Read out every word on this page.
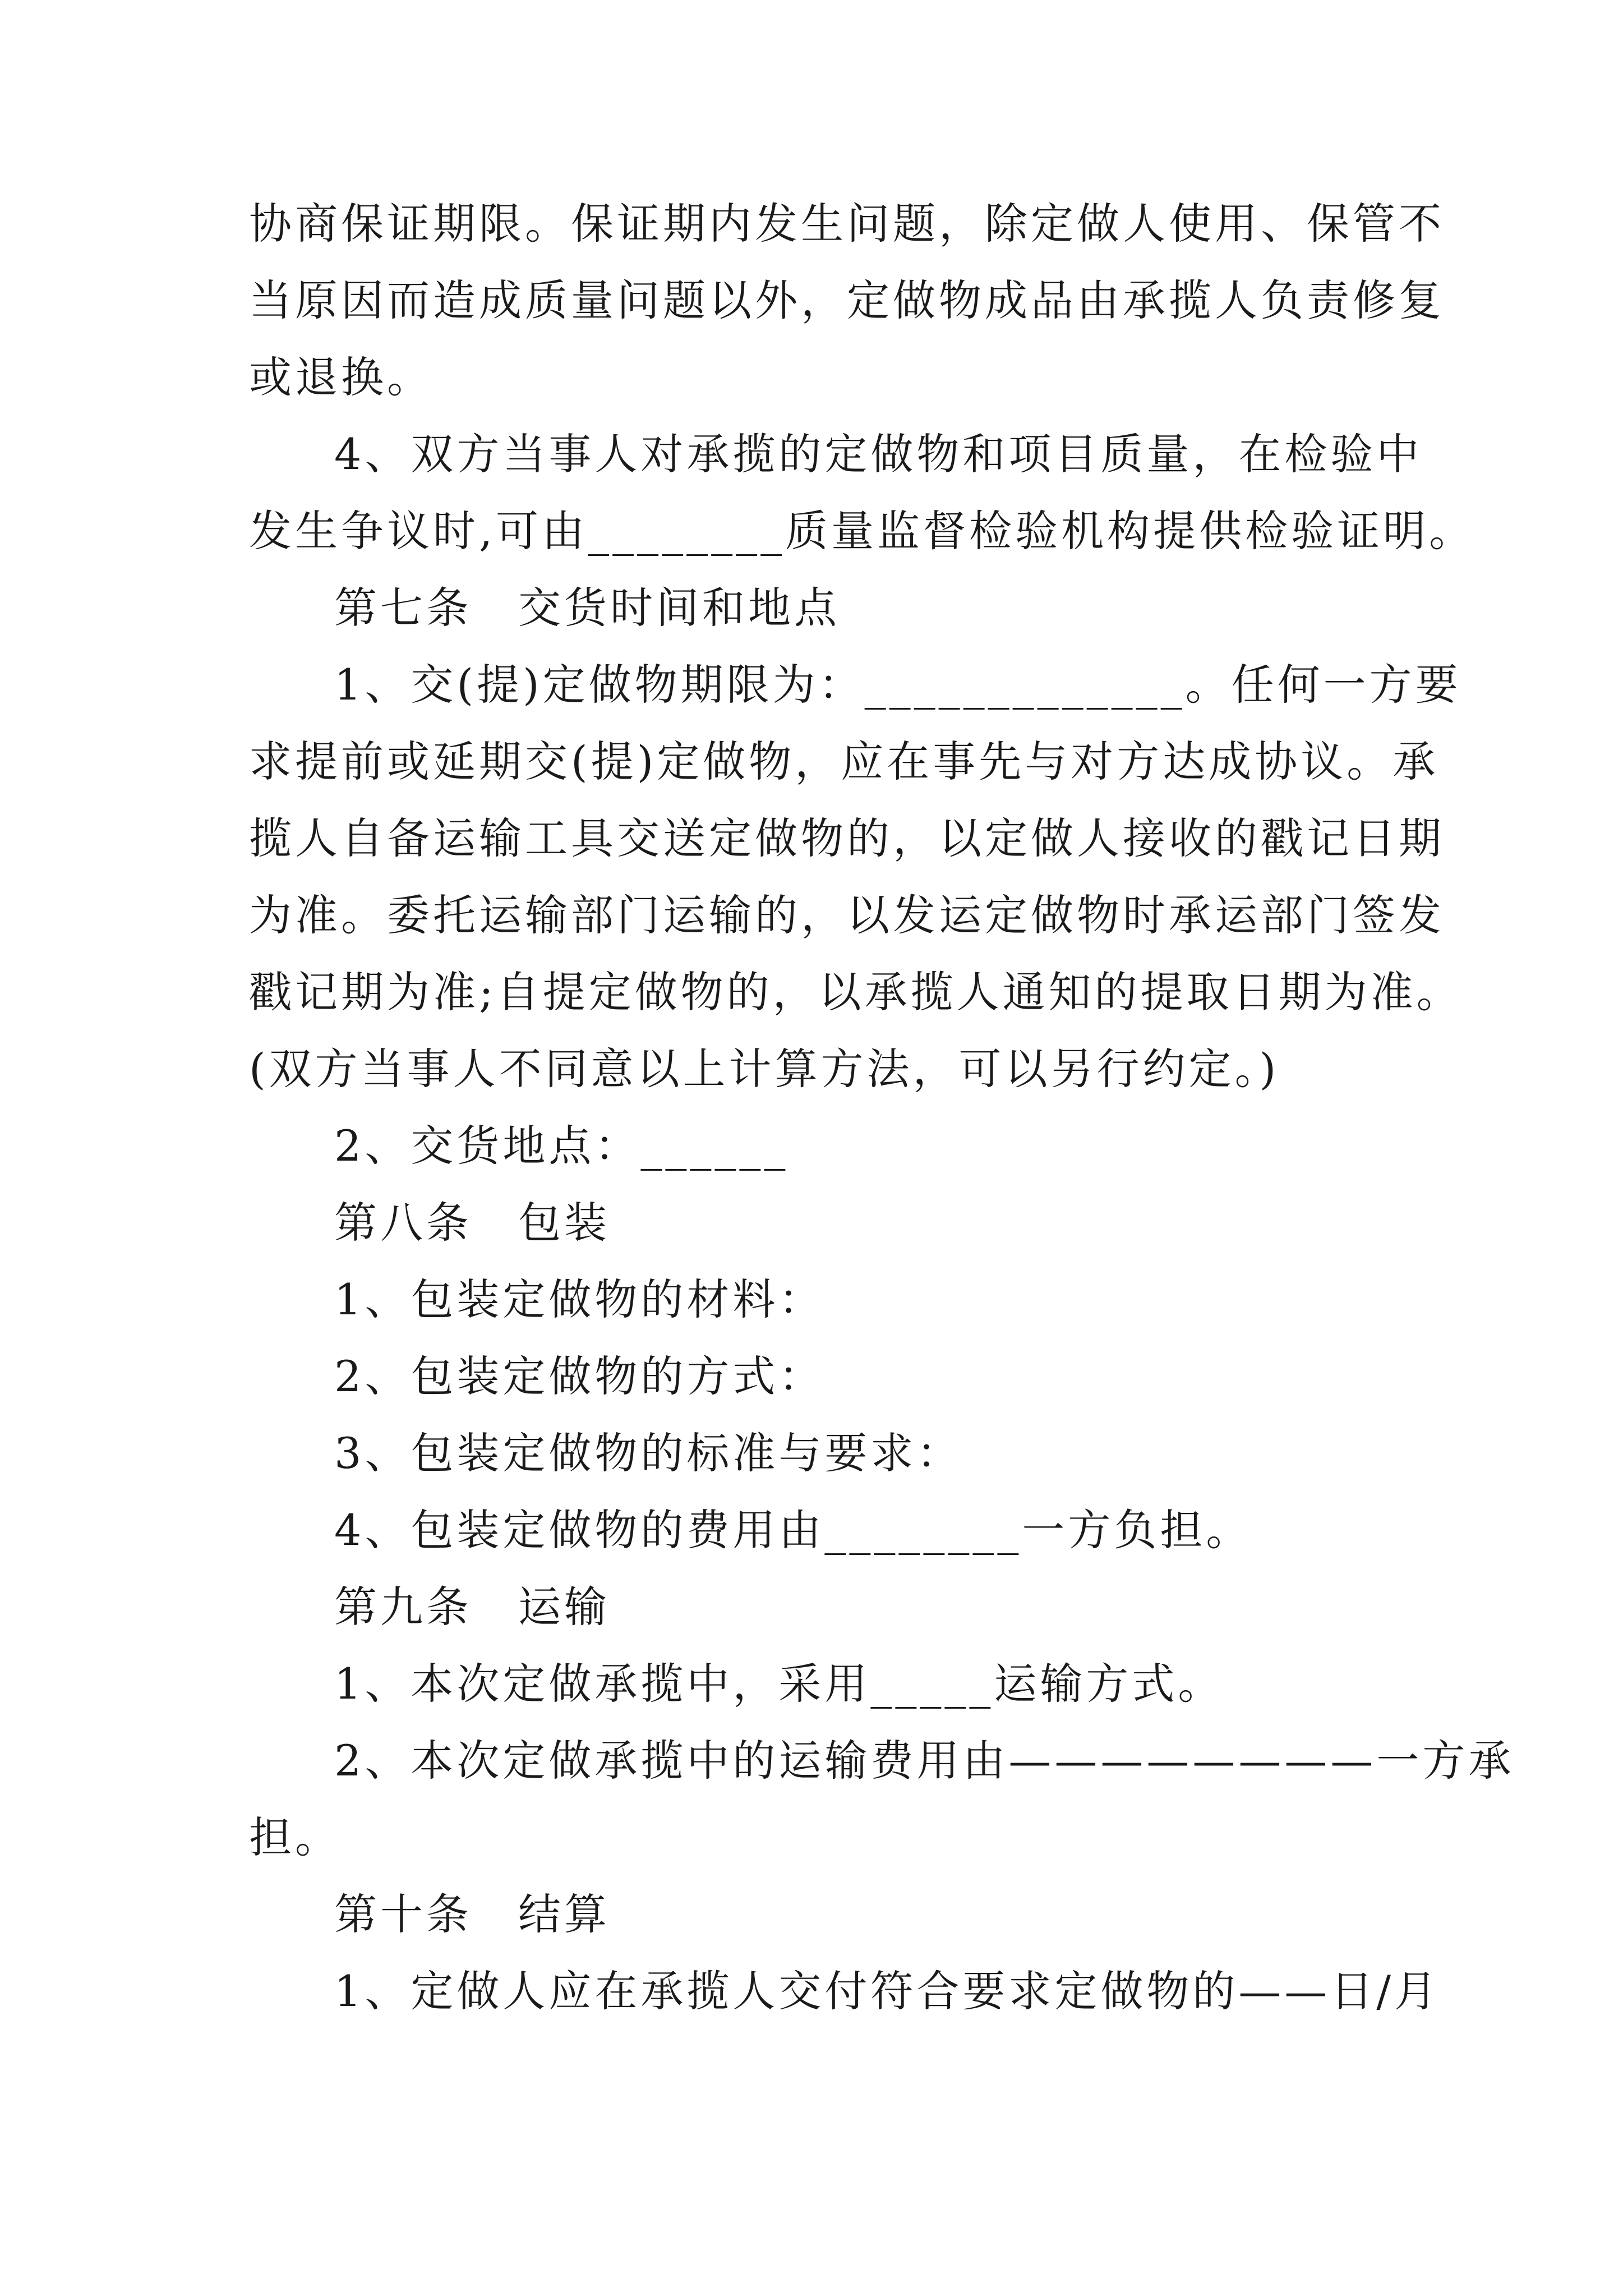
协商保证期限。保证期内发生问题，除定做人使用、保管不
当原因而造成质量问题以外，定做物成品由承揽人负责修复
或退换。

4、双方当事人对承揽的定做物和项目质量，在检验中
发生争议时,可由________质量监督检验机构提供检验证明。

第七条　交货时间和地点

1、交(提)定做物期限为：_____________。任何一方要
求提前或延期交(提)定做物，应在事先与对方达成协议。承
揽人自备运输工具交送定做物的，以定做人接收的戳记日期
为准。委托运输部门运输的，以发运定做物时承运部门签发
戳记期为准;自提定做物的，以承揽人通知的提取日期为准。
(双方当事人不同意以上计算方法，可以另行约定。)

2、交货地点：______

第八条　包装

1、包装定做物的材料：

2、包装定做物的方式：

3、包装定做物的标准与要求：

4、包装定做物的费用由________一方负担。

第九条　运输

1、本次定做承揽中，采用_____运输方式。

2、本次定做承揽中的运输费用由————————一方承
担。

第十条　结算

1、定做人应在承揽人交付符合要求定做物的——日/月
